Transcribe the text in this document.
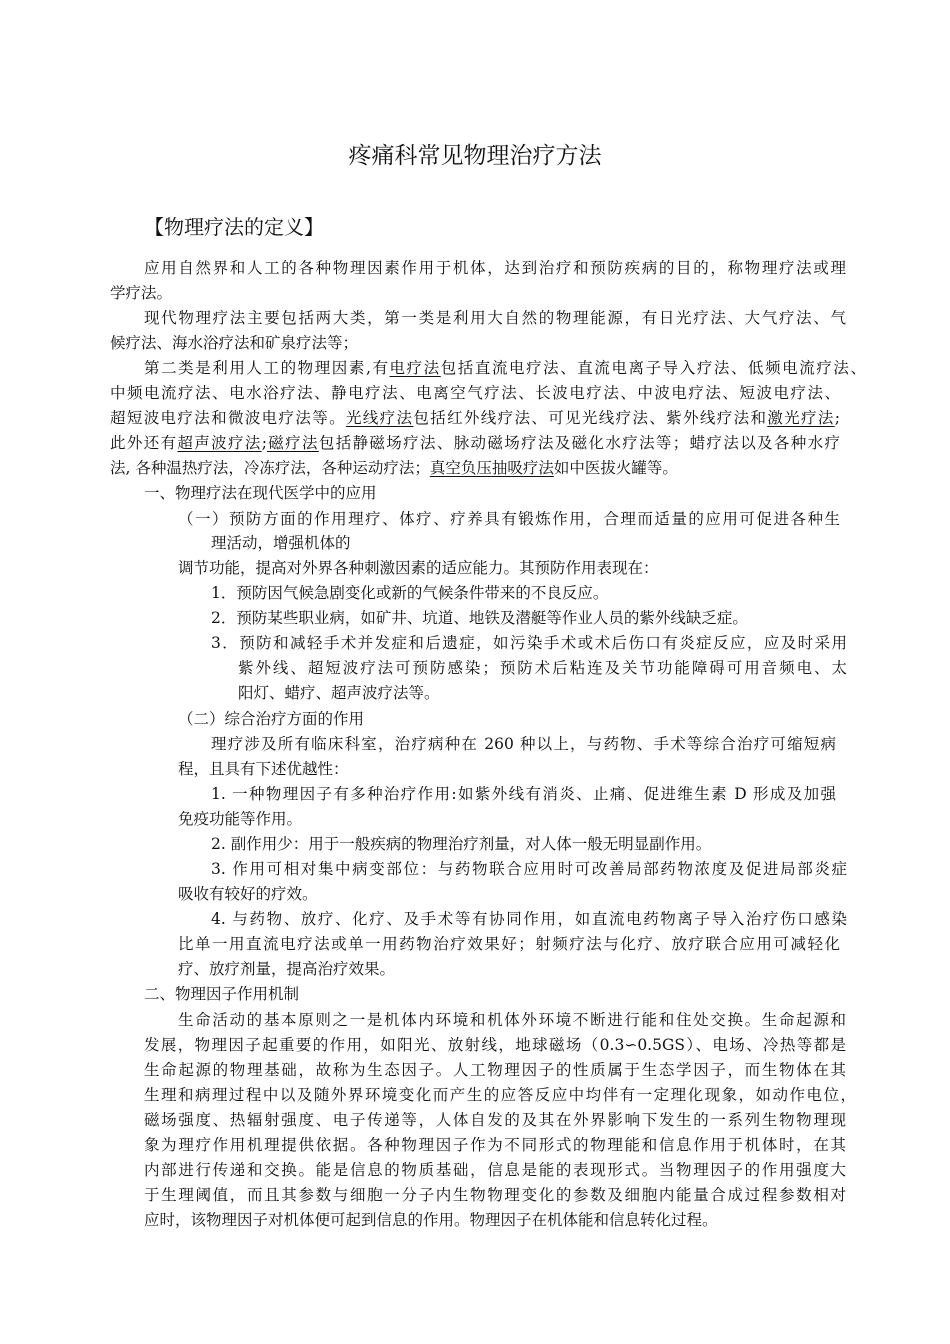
疼痛科常见物理治疗方法
【物理疗法的定义】
应用自然界和人工的各种物理因素作用于机体，达到治疗和预防疾病的目的，称物理疗法或理
学疗法。
现代物理疗法主要包括两大类，第一类是利用大自然的物理能源，有日光疗法、大气疗法、气
候疗法、海水浴疗法和矿泉疗法等；
第二类是利用人工的物理因素,有电疗法包括直流电疗法、直流电离子导入疗法、低频电流疗法、
中频电流疗法、电水浴疗法、静电疗法、电离空气疗法、长波电疗法、中波电疗法、短波电疗法、
超短波电疗法和微波电疗法等。光线疗法包括红外线疗法、可见光线疗法、紫外线疗法和激光疗法;
此外还有超声波疗法;磁疗法包括静磁场疗法、脉动磁场疗法及磁化水疗法等；蜡疗法以及各种水疗
法, 各种温热疗法，冷冻疗法，各种运动疗法；真空负压抽吸疗法如中医拔火罐等。
一、物理疗法在现代医学中的应用
（一）预防方面的作用理疗、体疗、疗养具有锻炼作用，合理而适量的应用可促进各种生
理活动，增强机体的
调节功能，提高对外界各种刺激因素的适应能力。其预防作用表现在：
1．预防因气候急剧变化或新的气候条件带来的不良反应。
2．预防某些职业病，如矿井、坑道、地铁及潜艇等作业人员的紫外线缺乏症。
3．预防和减轻手术并发症和后遗症，如污染手术或术后伤口有炎症反应，应及时采用
紫外线、超短波疗法可预防感染；预防术后粘连及关节功能障碍可用音频电、太
阳灯、蜡疗、超声波疗法等。
（二）综合治疗方面的作用
理疗涉及所有临床科室，治疗病种在 260 种以上，与药物、手术等综合治疗可缩短病
程，且具有下述优越性：
1. 一种物理因子有多种治疗作用:如紫外线有消炎、止痛、促进维生素 D 形成及加强
免疫功能等作用。
2. 副作用少：用于一般疾病的物理治疗剂量，对人体一般无明显副作用。
3. 作用可相对集中病变部位：与药物联合应用时可改善局部药物浓度及促进局部炎症
吸收有较好的疗效。
4. 与药物、放疗、化疗、及手术等有协同作用，如直流电药物离子导入治疗伤口感染
比单一用直流电疗法或单一用药物治疗效果好；射频疗法与化疗、放疗联合应用可减轻化
疗、放疗剂量，提高治疗效果。
二、物理因子作用机制
生命活动的基本原则之一是机体内环境和机体外环境不断进行能和住处交换。生命起源和
发展，物理因子起重要的作用，如阳光、放射线，地球磁场（0.3∽0.5GS）、电场、冷热等都是
生命起源的物理基础，故称为生态因子。人工物理因子的性质属于生态学因子，而生物体在其
生理和病理过程中以及随外界环境变化而产生的应答反应中均伴有一定理化现象，如动作电位，
磁场强度、热辐射强度、电子传递等，人体自发的及其在外界影响下发生的一系列生物物理现
象为理疗作用机理提供依据。各种物理因子作为不同形式的物理能和信息作用于机体时，在其
内部进行传递和交换。能是信息的物质基础，信息是能的表现形式。当物理因子的作用强度大
于生理阈值，而且其参数与细胞一分子内生物物理变化的参数及细胞内能量合成过程参数相对
应时，该物理因子对机体便可起到信息的作用。物理因子在机体能和信息转化过程。
